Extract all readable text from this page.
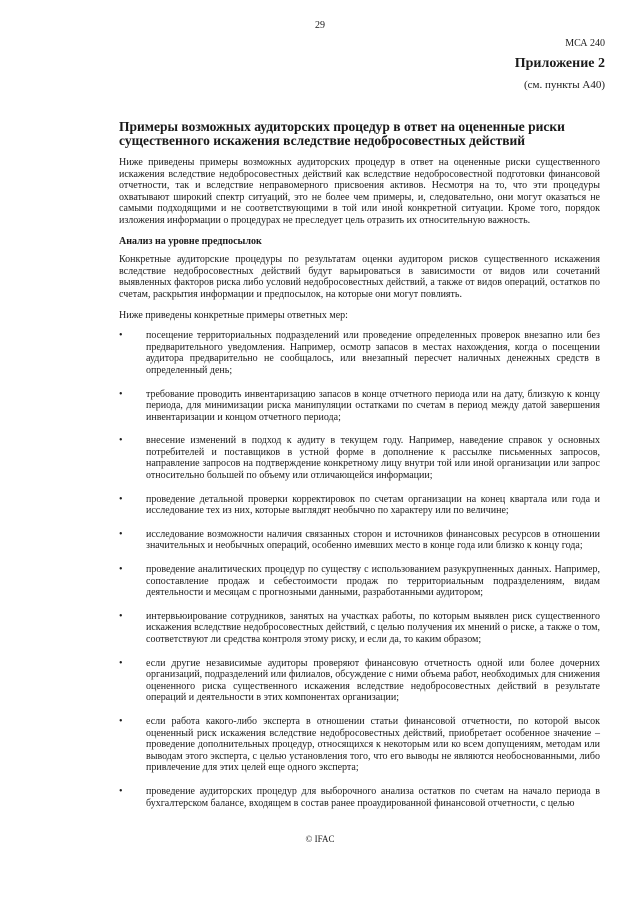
29
МСА 240
Приложение 2
(см. пункты А40)
Примеры возможных аудиторских процедур в ответ на оцененные риски существенного искажения вследствие недобросовестных действий

Ниже приведены примеры возможных аудиторских процедур в ответ на оцененные риски существенного искажения вследствие недобросовестных действий как вследствие недобросовестной подготовки финансовой отчетности, так и вследствие неправомерного присвоения активов. Несмотря на то, что эти процедуры охватывают широкий спектр ситуаций, это не более чем примеры, и, следовательно, они могут оказаться не самыми подходящими и не соответствующими в той или иной конкретной ситуации. Кроме того, порядок изложения информации о процедурах не преследует цель отразить их относительную важность.

Анализ на уровне предпосылок

Конкретные аудиторские процедуры по результатам оценки аудитором рисков существенного искажения вследствие недобросовестных действий будут варьироваться в зависимости от видов или сочетаний выявленных факторов риска либо условий недобросовестных действий, а также от видов операций, остатков по счетам, раскрытия информации и предпосылок, на которые они могут повлиять.

Ниже приведены конкретные примеры ответных мер:

• посещение территориальных подразделений или проведение определенных проверок внезапно или без предварительного уведомления. Например, осмотр запасов в местах нахождения, когда о посещении аудитора предварительно не сообщалось, или внезапный пересчет наличных денежных средств в определенный день;
• требование проводить инвентаризацию запасов в конце отчетного периода или на дату, близкую к концу периода, для минимизации риска манипуляции остатками по счетам в период между датой завершения инвентаризации и концом отчетного периода;
• внесение изменений в подход к аудиту в текущем году. Например, наведение справок у основных потребителей и поставщиков в устной форме в дополнение к рассылке письменных запросов, направление запросов на подтверждение конкретному лицу внутри той или иной организации или запрос относительно большей по объему или отличающейся информации;
• проведение детальной проверки корректировок по счетам организации на конец квартала или года и исследование тех из них, которые выглядят необычно по характеру или по величине;
• исследование возможности наличия связанных сторон и источников финансовых ресурсов в отношении значительных и необычных операций, особенно имевших место в конце года или близко к концу года;
• проведение аналитических процедур по существу с использованием разукрупненных данных. Например, сопоставление продаж и себестоимости продаж по территориальным подразделениям, видам деятельности и месяцам с прогнозными данными, разработанными аудитором;
• интервьюирование сотрудников, занятых на участках работы, по которым выявлен риск существенного искажения вследствие недобросовестных действий, с целью получения их мнений о риске, а также о том, соответствуют ли средства контроля этому риску, и если да, то каким образом;
• если другие независимые аудиторы проверяют финансовую отчетность одной или более дочерних организаций, подразделений или филиалов, обсуждение с ними объема работ, необходимых для снижения оцененного риска существенного искажения вследствие недобросовестных действий в результате операций и деятельности в этих компонентах организации;
• если работа какого-либо эксперта в отношении статьи финансовой отчетности, по которой высок оцененный риск искажения вследствие недобросовестных действий, приобретает особенное значение – проведение дополнительных процедур, относящихся к некоторым или ко всем допущениям, методам или выводам этого эксперта, с целью установления того, что его выводы не являются необоснованными, либо привлечение для этих целей еще одного эксперта;
• проведение аудиторских процедур для выборочного анализа остатков по счетам на начало периода в бухгалтерском балансе, входящем в состав ранее проаудированной финансовой отчетности, с целью
© IFAC
